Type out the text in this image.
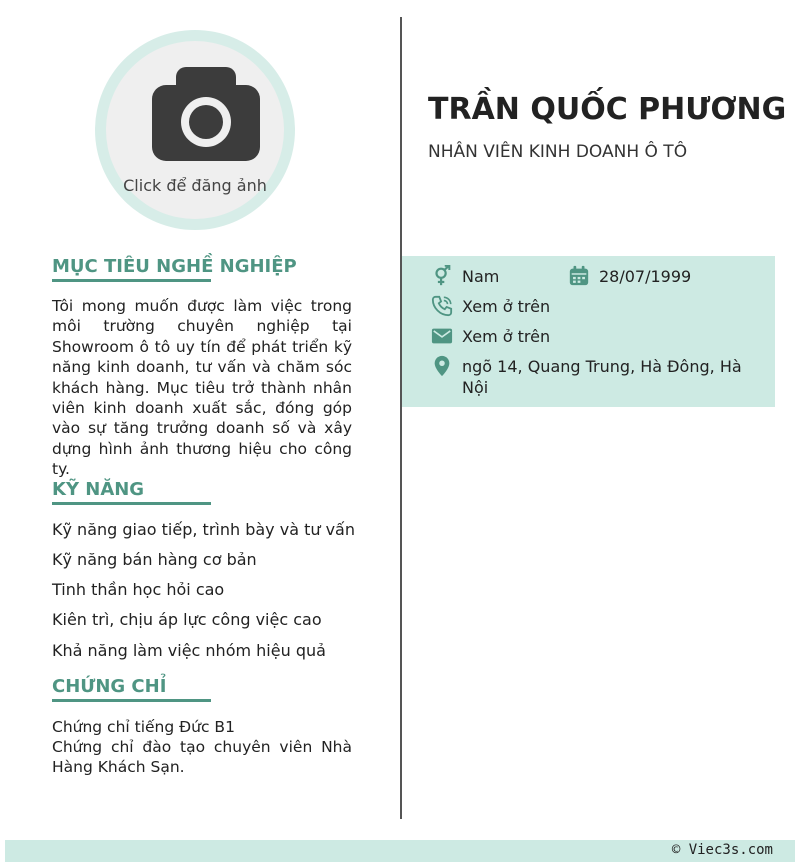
Click để đăng ảnh
MỤC TIÊU NGHỀ NGHIỆP
Tôi mong muốn được làm việc trong môi trường chuyên nghiệp tại Showroom ô tô uy tín để phát triển kỹ năng kinh doanh, tư vấn và chăm sóc khách hàng. Mục tiêu trở thành nhân viên kinh doanh xuất sắc, đóng góp vào sự tăng trưởng doanh số và xây dựng hình ảnh thương hiệu cho công ty.
KỸ NĂNG
Kỹ năng giao tiếp, trình bày và tư vấn
Kỹ năng bán hàng cơ bản
Tinh thần học hỏi cao
Kiên trì, chịu áp lực công việc cao
Khả năng làm việc nhóm hiệu quả
CHỨNG CHỈ
Chứng chỉ tiếng Đức B1
Chứng chỉ đào tạo chuyên viên Nhà Hàng Khách Sạn.
TRẦN QUỐC PHƯƠNG
NHÂN VIÊN KINH DOANH Ô TÔ
Nam	28/07/1999
Xem ở trên
Xem ở trên
ngõ 14, Quang Trung, Hà Đông, Hà
Nội
© Viec3s.com
